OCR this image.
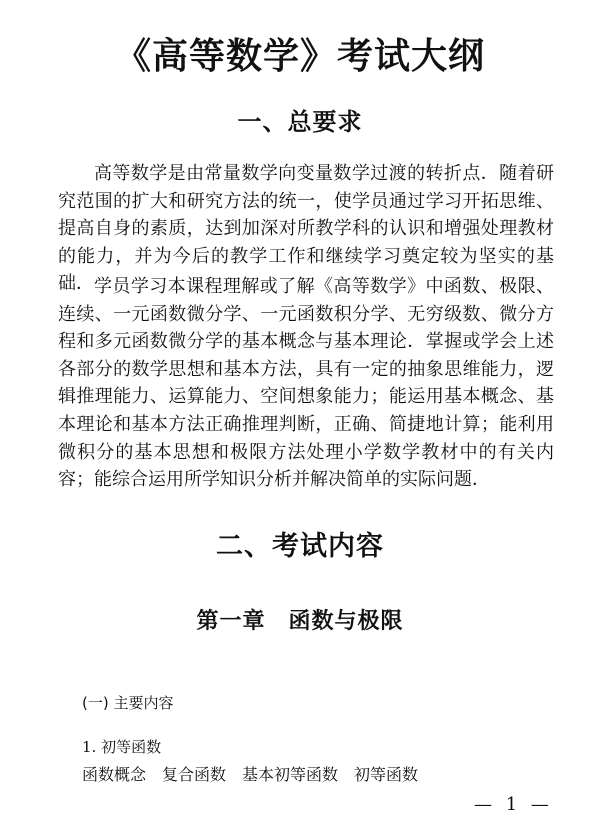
《高等数学》考试大纲
一、总要求
高等数学是由常量数学向变量数学过渡的转折点．随着研究范围的扩大和研究方法的统一，使学员通过学习开拓思维、提高自身的素质，达到加深对所教学科的认识和增强处理教材的能力，并为今后的教学工作和继续学习奠定较为坚实的基础． 学员学习本课程理解或了解《高等数学》中函数、极限、连续、一元函数微分学、一元函数积分学、无穷级数、微分方程和多元函数微分学的基本概念与基本理论．掌握或学会上述各部分的数学思想和基本方法，具有一定的抽象思维能力，逻辑推理能力、运算能力、空间想象能力；能运用基本概念、基本理论和基本方法正确推理判断，正确、简捷地计算；能利用微积分的基本思想和极限方法处理小学数学教材中的有关内容；能综合运用所学知识分析并解决简单的实际问题．
二、考试内容
第一章　函数与极限
(一) 主要内容
1. 初等函数
函数概念　复合函数　基本初等函数　初等函数
— 1 —
